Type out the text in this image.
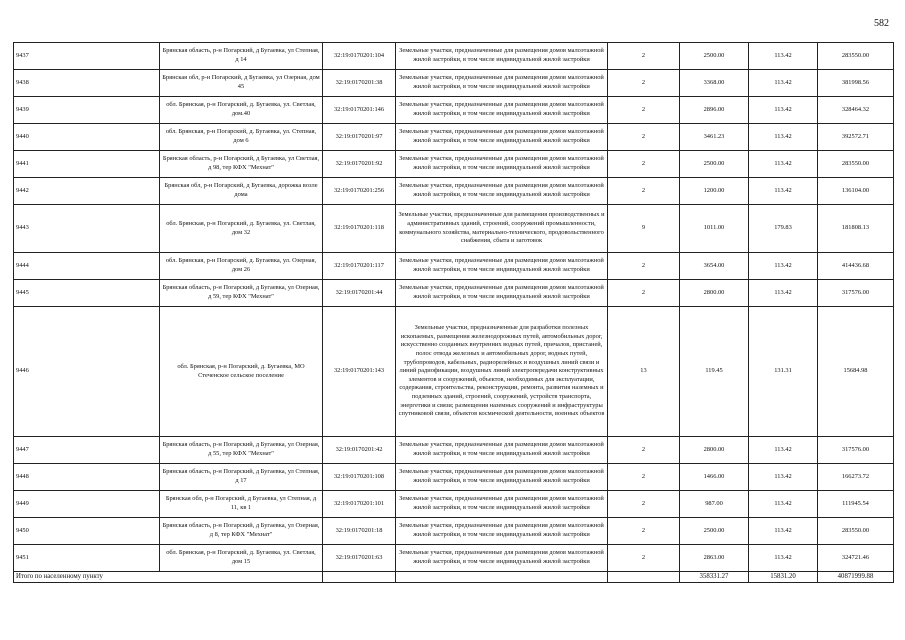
582
9437	Брянская область, р-н Погарский, д Бугаевка, ул Степная, д 14	32:19:0170201:104	Земельные участки, предназначенные для размещения домов малоэтажной жилой застройки, в том числе индивидуальной жилой застройки	2	2500.00	113.42	283550.00
9438	Брянская обл, р-н Погарский, д Бугаевка, ул Озерная, дом 45	32:19:0170201:38	Земельные участки, предназначенные для размещения домов малоэтажной жилой застройки, в том числе индивидуальной жилой застройки	2	3368.00	113.42	381998.56
9439	обл. Брянская, р-н Погарский, д. Бугаевка, ул. Светлая, дом.40	32:19:0170201:146	Земельные участки, предназначенные для размещения домов малоэтажной жилой застройки, в том числе индивидуальной жилой застройки	2	2896.00	113.42	328464.32
9440	обл. Брянская, р-н Погарский, д. Бугаевка, ул. Степная, дом 6	32:19:0170201:97	Земельные участки, предназначенные для размещения домов малоэтажной жилой застройки, в том числе индивидуальной жилой застройки	2	3461.23	113.42	392572.71
9441	Брянская область, р-н Погарский, д Бугаевка, ул Светлая, д 98, тер КФХ "Мехнат"	32:19:0170201:92	Земельные участки, предназначенные для размещения домов малоэтажной жилой застройки, в том числе индивидуальной жилой застройки	2	2500.00	113.42	283550.00
9442	Брянская обл, р-н Погарский, д Бугаевка, дорожка возле дома	32:19:0170201:256	Земельные участки, предназначенные для размещения домов малоэтажной жилой застройки, в том числе индивидуальной жилой застройки	2	1200.00	113.42	136104.00
9443	обл. Брянская, р-н Погарский, д. Бугаевка, ул. Светлая, дом 32	32:19:0170201:118	Земельные участки, предназначенные для размещения производственных и административных зданий, строений, сооружений промышленности, коммунального хозяйства, материально-технического, продовольственного снабжения, сбыта и заготовок	9	1011.00	179.83	181808.13
9444	обл. Брянская, р-н Погарский, д. Бугаевка, ул. Озерная, дом 26	32:19:0170201:117	Земельные участки, предназначенные для размещения домов малоэтажной жилой застройки, в том числе индивидуальной жилой застройки	2	3654.00	113.42	414436.68
9445	Брянская область, р-н Погарский, д Бугаевка, ул Озерная, д 59, тер КФХ "Мехнат"	32:19:0170201:44	Земельные участки, предназначенные для размещения домов малоэтажной жилой застройки, в том числе индивидуальной жилой застройки	2	2800.00	113.42	317576.00
9446	обл. Брянская, р-н Погарский, д. Бугаевка, МО Стеченское сельское поселение	32:19:0170201:143	Земельные участки, предназначенные для разработки полезных ископаемых, размещения железнодорожных путей, автомобильных дорог, искусственно созданных внутренних водных путей, причалов, пристаней, полос отвода железных и автомобильных дорог, водных путей, трубопроводов, кабельных, радиорелейных и воздушных линий связи и линий радиофикации, воздушных линий электропередачи конструктивных элементов и сооружений, объектов, необходимых для эксплуатации, содержания, строительства, реконструкции, ремонта, развития наземных и подземных зданий, строений, сооружений, устройств транспорта, энергетики и связи; размещения наземных сооружений и инфраструктуры спутниковой связи, объектов космической деятельности, военных объектов	13	119.45	131.31	15684.98
9447	Брянская область, р-н Погарский, д Бугаевка, ул Озерная, д 55, тер КФХ "Мехнат"	32:19:0170201:42	Земельные участки, предназначенные для размещения домов малоэтажной жилой застройки, в том числе индивидуальной жилой застройки	2	2800.00	113.42	317576.00
9448	Брянская область, р-н Погарский, д Бугаевка, ул Степная, д 17	32:19:0170201:108	Земельные участки, предназначенные для размещения домов малоэтажной жилой застройки, в том числе индивидуальной жилой застройки	2	1466.00	113.42	166273.72
9449	Брянская обл, р-н Погарский, д Бугаевка, ул Степная, д 11, кв 1	32:19:0170201:101	Земельные участки, предназначенные для размещения домов малоэтажной жилой застройки, в том числе индивидуальной жилой застройки	2	987.00	113.42	111945.54
9450	Брянская область, р-н Погарский, д Бугаевка, ул Озерная, д 8, тер КФХ "Мехнат"	32:19:0170201:18	Земельные участки, предназначенные для размещения домов малоэтажной жилой застройки, в том числе индивидуальной жилой застройки	2	2500.00	113.42	283550.00
9451	обл. Брянская, р-н Погарский, д. Бугаевка, ул. Светлая, дом 15	32:19:0170201:63	Земельные участки, предназначенные для размещения домов малоэтажной жилой застройки, в том числе индивидуальной жилой застройки	2	2863.00	113.42	324721.46
Итого по населенному пункту					358331.27	15831.20	40871999.88
